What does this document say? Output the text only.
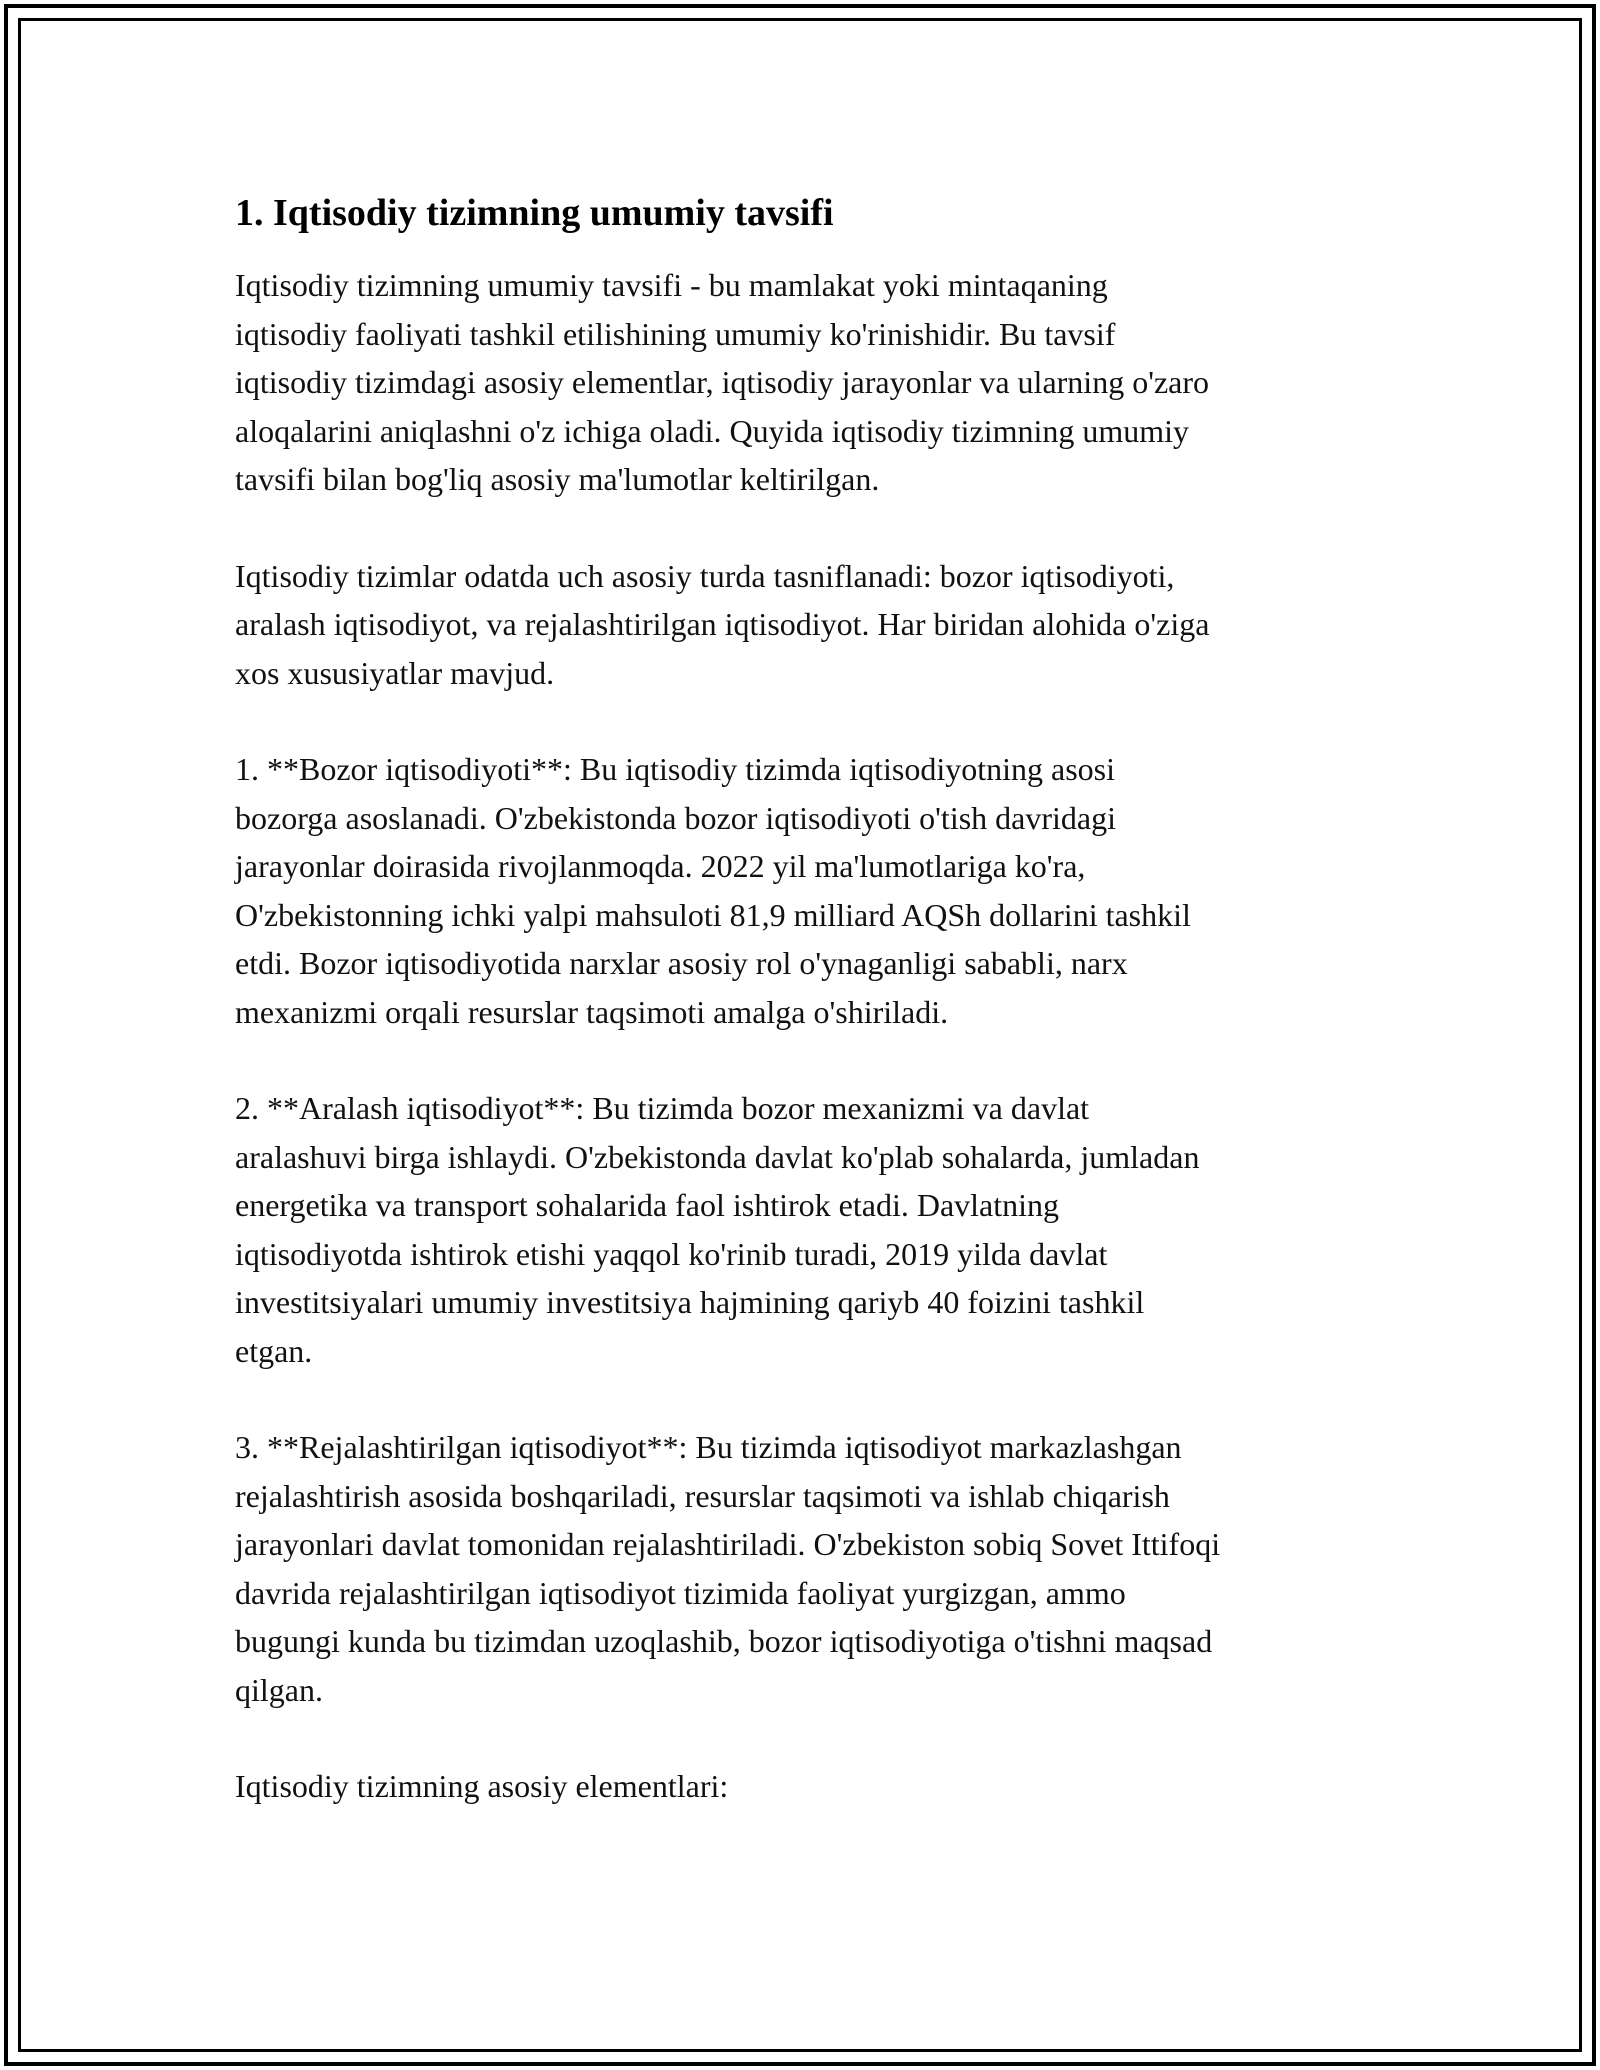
1. Iqtisodiy tizimning umumiy tavsifi

Iqtisodiy tizimning umumiy tavsifi - bu mamlakat yoki mintaqaning
iqtisodiy faoliyati tashkil etilishining umumiy ko'rinishidir. Bu tavsif
iqtisodiy tizimdagi asosiy elementlar, iqtisodiy jarayonlar va ularning o'zaro
aloqalarini aniqlashni o'z ichiga oladi. Quyida iqtisodiy tizimning umumiy
tavsifi bilan bog'liq asosiy ma'lumotlar keltirilgan.

Iqtisodiy tizimlar odatda uch asosiy turda tasniflanadi: bozor iqtisodiyoti,
aralash iqtisodiyot, va rejalashtirilgan iqtisodiyot. Har biridan alohida o'ziga
xos xususiyatlar mavjud.

1. **Bozor iqtisodiyoti**: Bu iqtisodiy tizimda iqtisodiyotning asosi
bozorga asoslanadi. O'zbekistonda bozor iqtisodiyoti o'tish davridagi
jarayonlar doirasida rivojlanmoqda. 2022 yil ma'lumotlariga ko'ra,
O'zbekistonning ichki yalpi mahsuloti 81,9 milliard AQSh dollarini tashkil
etdi. Bozor iqtisodiyotida narxlar asosiy rol o'ynaganligi sababli, narx
mexanizmi orqali resurslar taqsimoti amalga o'shiriladi.

2. **Aralash iqtisodiyot**: Bu tizimda bozor mexanizmi va davlat
aralashuvi birga ishlaydi. O'zbekistonda davlat ko'plab sohalarda, jumladan
energetika va transport sohalarida faol ishtirok etadi. Davlatning
iqtisodiyotda ishtirok etishi yaqqol ko'rinib turadi, 2019 yilda davlat
investitsiyalari umumiy investitsiya hajmining qariyb 40 foizini tashkil
etgan.

3. **Rejalashtirilgan iqtisodiyot**: Bu tizimda iqtisodiyot markazlashgan
rejalashtirish asosida boshqariladi, resurslar taqsimoti va ishlab chiqarish
jarayonlari davlat tomonidan rejalashtiriladi. O'zbekiston sobiq Sovet Ittifoqi
davrida rejalashtirilgan iqtisodiyot tizimida faoliyat yurgizgan, ammo
bugungi kunda bu tizimdan uzoqlashib, bozor iqtisodiyotiga o'tishni maqsad
qilgan.

Iqtisodiy tizimning asosiy elementlari:
